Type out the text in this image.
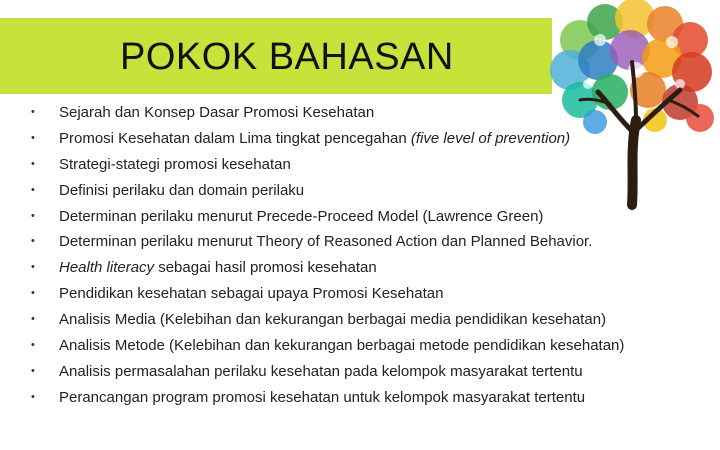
POKOK BAHASAN
• Sejarah dan Konsep Dasar Promosi Kesehatan
• Promosi Kesehatan dalam Lima tingkat pencegahan (five level of prevention)
• Strategi-stategi promosi kesehatan
• Definisi perilaku dan domain perilaku
• Determinan perilaku menurut Precede-Proceed Model (Lawrence Green)
• Determinan perilaku menurut Theory of Reasoned Action dan Planned Behavior.
• Health literacy sebagai hasil promosi kesehatan
• Pendidikan kesehatan sebagai upaya Promosi Kesehatan
• Analisis Media (Kelebihan dan kekurangan berbagai media pendidikan kesehatan)
• Analisis Metode (Kelebihan dan kekurangan berbagai metode pendidikan kesehatan)
• Analisis permasalahan perilaku kesehatan pada kelompok masyarakat tertentu
• Perancangan program promosi kesehatan untuk kelompok masyarakat tertentu
